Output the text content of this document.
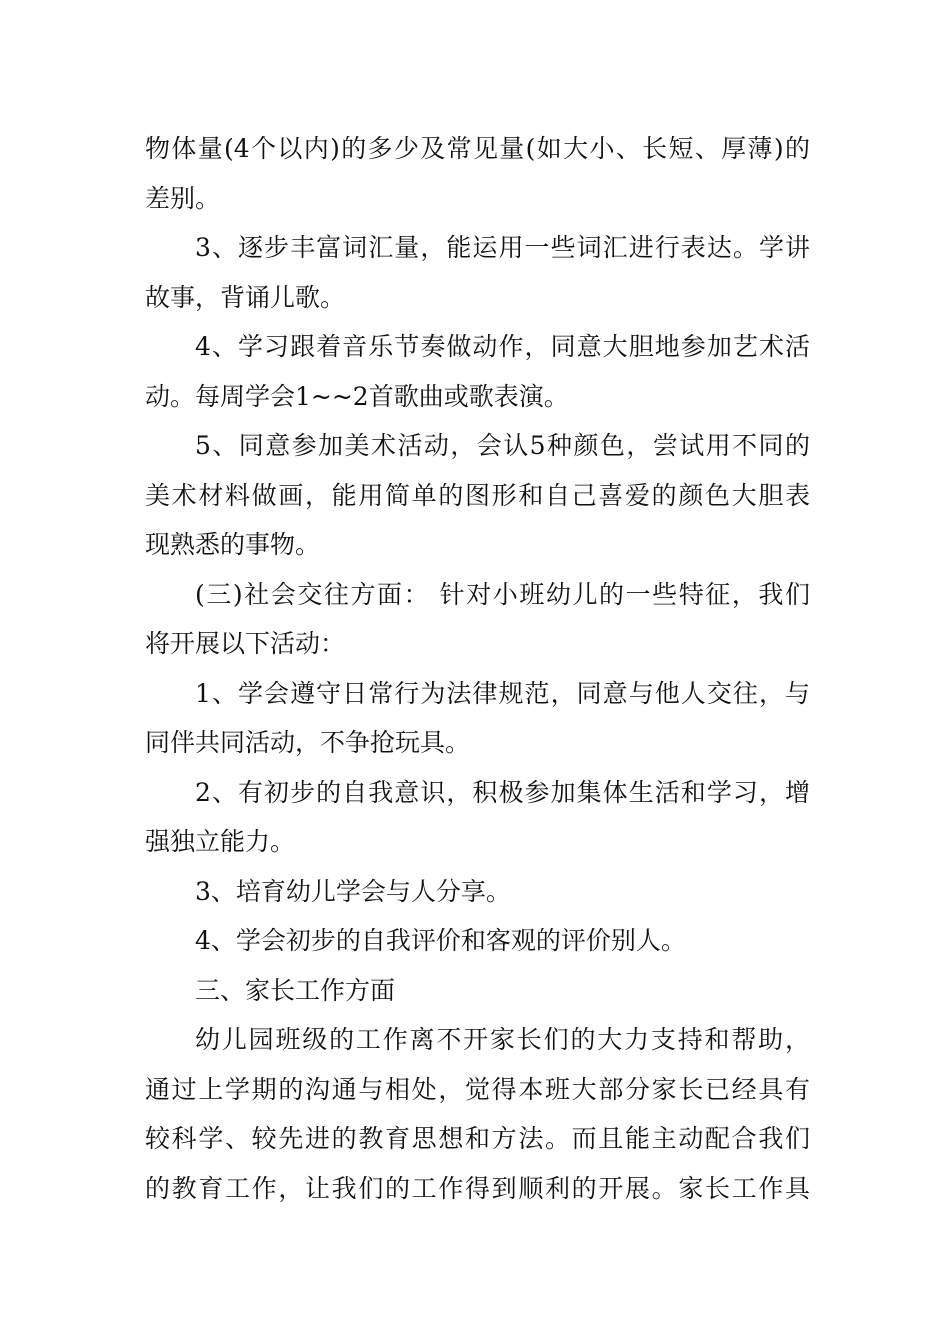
物体量(4个以内)的多少及常见量(如大小、长短、厚薄)的
差别。

3、逐步丰富词汇量，能运用一些词汇进行表达。学讲
故事，背诵儿歌。

4、学习跟着音乐节奏做动作，同意大胆地参加艺术活
动。每周学会1~~2首歌曲或歌表演。

5、同意参加美术活动，会认5种颜色，尝试用不同的
美术材料做画，能用简单的图形和自己喜爱的颜色大胆表
现熟悉的事物。

(三)社会交往方面： 针对小班幼儿的一些特征，我们
将开展以下活动：

1、学会遵守日常行为法律规范，同意与他人交往，与
同伴共同活动，不争抢玩具。

2、有初步的自我意识，积极参加集体生活和学习，增
强独立能力。

3、培育幼儿学会与人分享。

4、学会初步的自我评价和客观的评价别人。

三、家长工作方面

幼儿园班级的工作离不开家长们的大力支持和帮助，
通过上学期的沟通与相处，觉得本班大部分家长已经具有
较科学、较先进的教育思想和方法。而且能主动配合我们
的教育工作，让我们的工作得到顺利的开展。家长工作具
